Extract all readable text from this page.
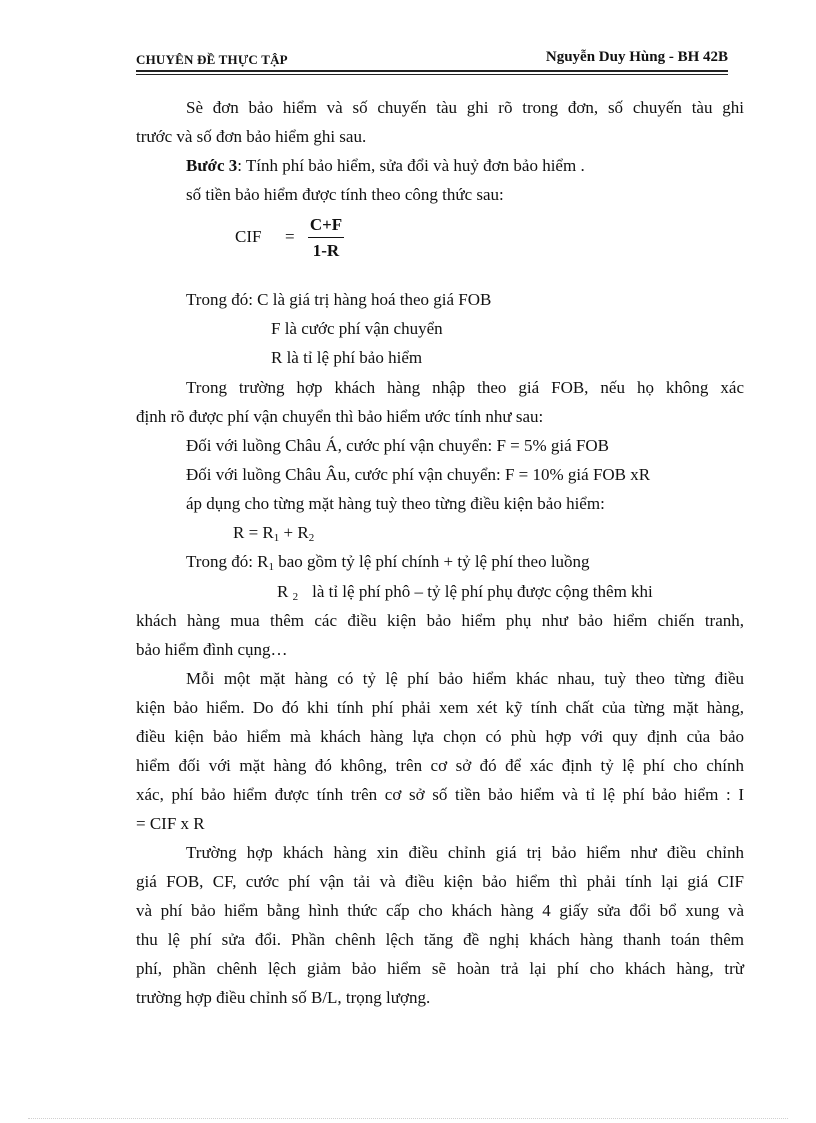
CHUYÊN ĐỀ THỰC TẬP	Nguyễn Duy Hùng - BH 42B
Sè đơn bảo hiểm và số chuyến tàu ghi rõ trong đơn, số chuyến tàu ghi
trước và số đơn bảo hiểm ghi sau.
Bước 3: Tính phí bảo hiểm, sửa đổi và huỷ đơn bảo hiểm .
số tiền bảo hiểm được tính theo công thức sau:
CIF =
C+F
1-R
Trong đó: C là giá trị hàng hoá theo giá FOB
F là cước phí vận chuyển
R là tỉ lệ phí bảo hiểm
Trong trường hợp khách hàng nhập theo giá FOB, nếu họ không xác
định rõ được phí vận chuyển thì bảo hiểm ước tính như sau:
Đối với luồng Châu Á, cước phí vận chuyển: F = 5% giá FOB
Đối với luồng Châu Âu, cước phí vận chuyển: F = 10% giá FOB xR
áp dụng cho từng mặt hàng tuỳ theo từng điều kiện bảo hiểm:
$R = R_1 + R_2$
Trong đó: $R_1$ bao gồm tỷ lệ phí chính + tỷ lệ phí theo luồng
R $_2$ là tỉ lệ phí phô – tỷ lệ phí phụ được cộng thêm khi
khách hàng mua thêm các điều kiện bảo hiểm phụ như bảo hiểm chiến tranh,
bảo hiểm đình cụng…
Mỗi một mặt hàng có tỷ lệ phí bảo hiểm khác nhau, tuỳ theo từng điều
kiện bảo hiểm. Do đó khi tính phí phải xem xét kỹ tính chất của từng mặt hàng,
điều kiện bảo hiểm mà khách hàng lựa chọn có phù hợp với quy định của bảo
hiểm đối với mặt hàng đó không, trên cơ sở đó để xác định tỷ lệ phí cho chính
xác, phí bảo hiểm được tính trên cơ sở số tiền bảo hiểm và tỉ lệ phí bảo hiểm : I
= CIF x R
Trường hợp khách hàng xin điều chỉnh giá trị bảo hiểm như điều chỉnh
giá FOB, CF, cước phí vận tải và điều kiện bảo hiểm thì phải tính lại giá CIF
và phí bảo hiểm bằng hình thức cấp cho khách hàng 4 giấy sửa đổi bổ xung và
thu lệ phí sửa đổi. Phần chênh lệch tăng đề nghị khách hàng thanh toán thêm
phí, phần chênh lệch giảm bảo hiểm sẽ hoàn trả lại phí cho khách hàng, trừ
trường hợp điều chỉnh số B/L, trọng lượng.
